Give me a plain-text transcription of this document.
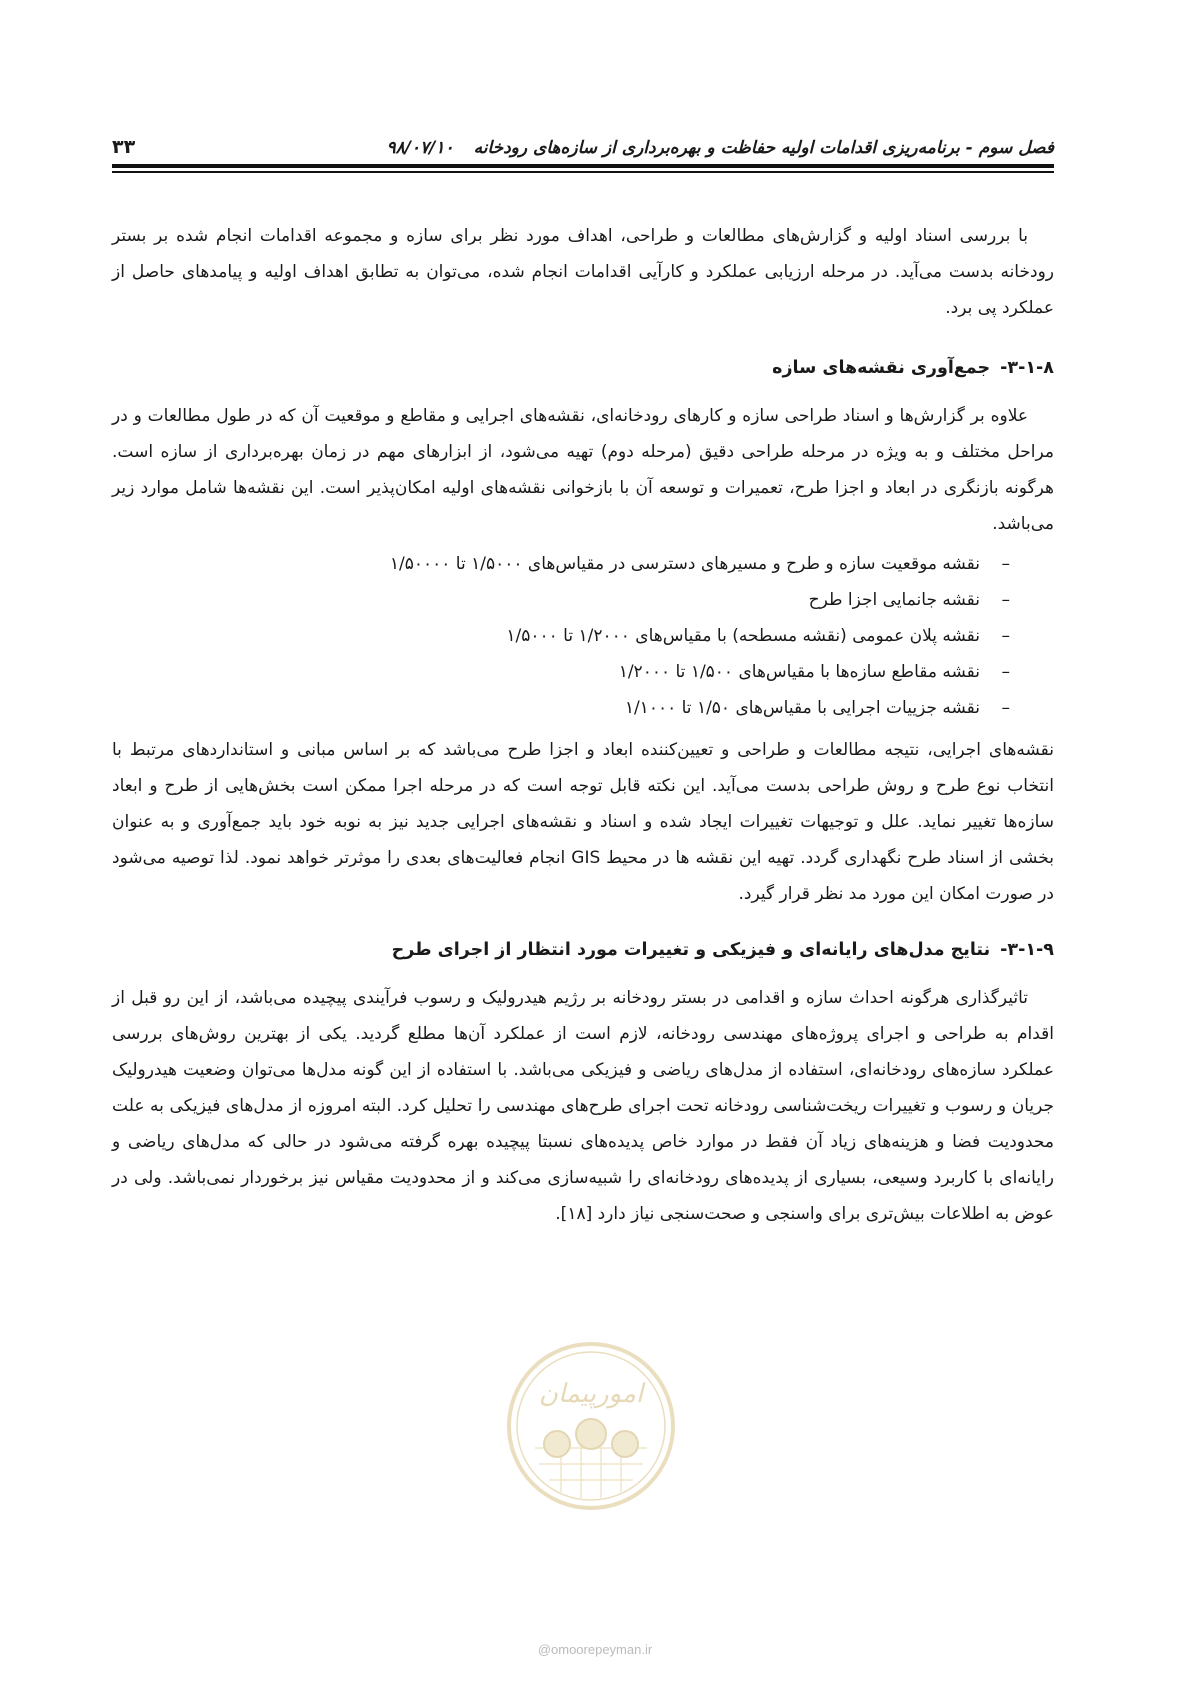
فصل سوم - برنامه‌ریزی اقدامات اولیه حفاظت و بهره‌برداری از سازه‌های رودخانه ۹۸/۰۷/۱۰
۳۳

با بررسی اسناد اولیه و گزارش‌های مطالعات و طراحی، اهداف مورد نظر برای سازه و مجموعه اقدامات انجام شده بر بستر رودخانه بدست می‌آید. در مرحله ارزیابی عملکرد و کارآیی اقدامات انجام شده، می‌توان به تطابق اهداف اولیه و پیامدهای حاصل از عملکرد پی برد.

۳-۱-۸-جمع‌آوری نقشه‌های سازه

علاوه بر گزارش‌ها و اسناد طراحی سازه و کارهای رودخانه‌ای، نقشه‌های اجرایی و مقاطع و موقعیت آن که در طول مطالعات و در مراحل مختلف و به ویژه در مرحله طراحی دقیق (مرحله دوم) تهیه می‌شود، از ابزارهای مهم در زمان بهره‌برداری از سازه است. هرگونه بازنگری در ابعاد و اجزا طرح، تعمیرات و توسعه آن با بازخوانی نقشه‌های اولیه امکان‌پذیر است. این نقشه‌ها شامل موارد زیر می‌باشد.

–نقشه موقعیت سازه و طرح و مسیرهای دسترسی در مقیاس‌های ۱/۵۰۰۰ تا ۱/۵۰۰۰۰
–نقشه جانمایی اجزا طرح
–نقشه پلان عمومی (نقشه مسطحه) با مقیاس‌های ۱/۲۰۰۰ تا ۱/۵۰۰۰
–نقشه مقاطع سازه‌ها با مقیاس‌های ۱/۵۰۰ تا ۱/۲۰۰۰
–نقشه جزییات اجرایی با مقیاس‌های ۱/۵۰ تا ۱/۱۰۰۰

نقشه‌های اجرایی، نتیجه مطالعات و طراحی و تعیین‌کننده ابعاد و اجزا طرح می‌باشد که بر اساس مبانی و استانداردهای مرتبط با انتخاب نوع طرح و روش طراحی بدست می‌آید. این نکته قابل توجه است که در مرحله اجرا ممکن است بخش‌هایی از طرح و ابعاد سازه‌ها تغییر نماید. علل و توجیهات تغییرات ایجاد شده و اسناد و نقشه‌های اجرایی جدید نیز به نوبه خود باید جمع‌آوری و به عنوان بخشی از اسناد طرح نگهداری گردد. تهیه این نقشه ها در محیط GIS انجام فعالیت‌های بعدی را موثرتر خواهد نمود. لذا توصیه می‌شود در صورت امکان این مورد مد نظر قرار گیرد.

۳-۱-۹-نتایج مدل‌های رایانه‌ای و فیزیکی و تغییرات مورد انتظار از اجرای طرح

تاثیرگذاری هرگونه احداث سازه و اقدامی در بستر رودخانه بر رژیم هیدرولیک و رسوب فرآیندی پیچیده می‌باشد، از این رو قبل از اقدام به طراحی و اجرای پروژه‌های مهندسی رودخانه، لازم است از عملکرد آن‌ها مطلع گردید. یکی از بهترین روش‌های بررسی عملکرد سازه‌های رودخانه‌ای، استفاده از مدل‌های ریاضی و فیزیکی می‌باشد. با استفاده از این گونه مدل‌ها می‌توان وضعیت هیدرولیک جریان و رسوب و تغییرات ریخت‌شناسی رودخانه تحت اجرای طرح‌های مهندسی را تحلیل کرد. البته امروزه از مدل‌های فیزیکی به علت محدودیت فضا و هزینه‌های زیاد آن فقط در موارد خاص پدیده‌های نسبتا پیچیده بهره گرفته می‌شود در حالی که مدل‌های ریاضی و رایانه‌ای با کاربرد وسیعی، بسیاری از پدیده‌های رودخانه‌ای را شبیه‌سازی می‌کند و از محدودیت مقیاس نیز برخوردار نمی‌باشد. ولی در عوض به اطلاعات بیش‌تری برای واسنجی و صحت‌سنجی نیاز دارد [۱۸].

امورپیمان
@omoorepeyman.ir
